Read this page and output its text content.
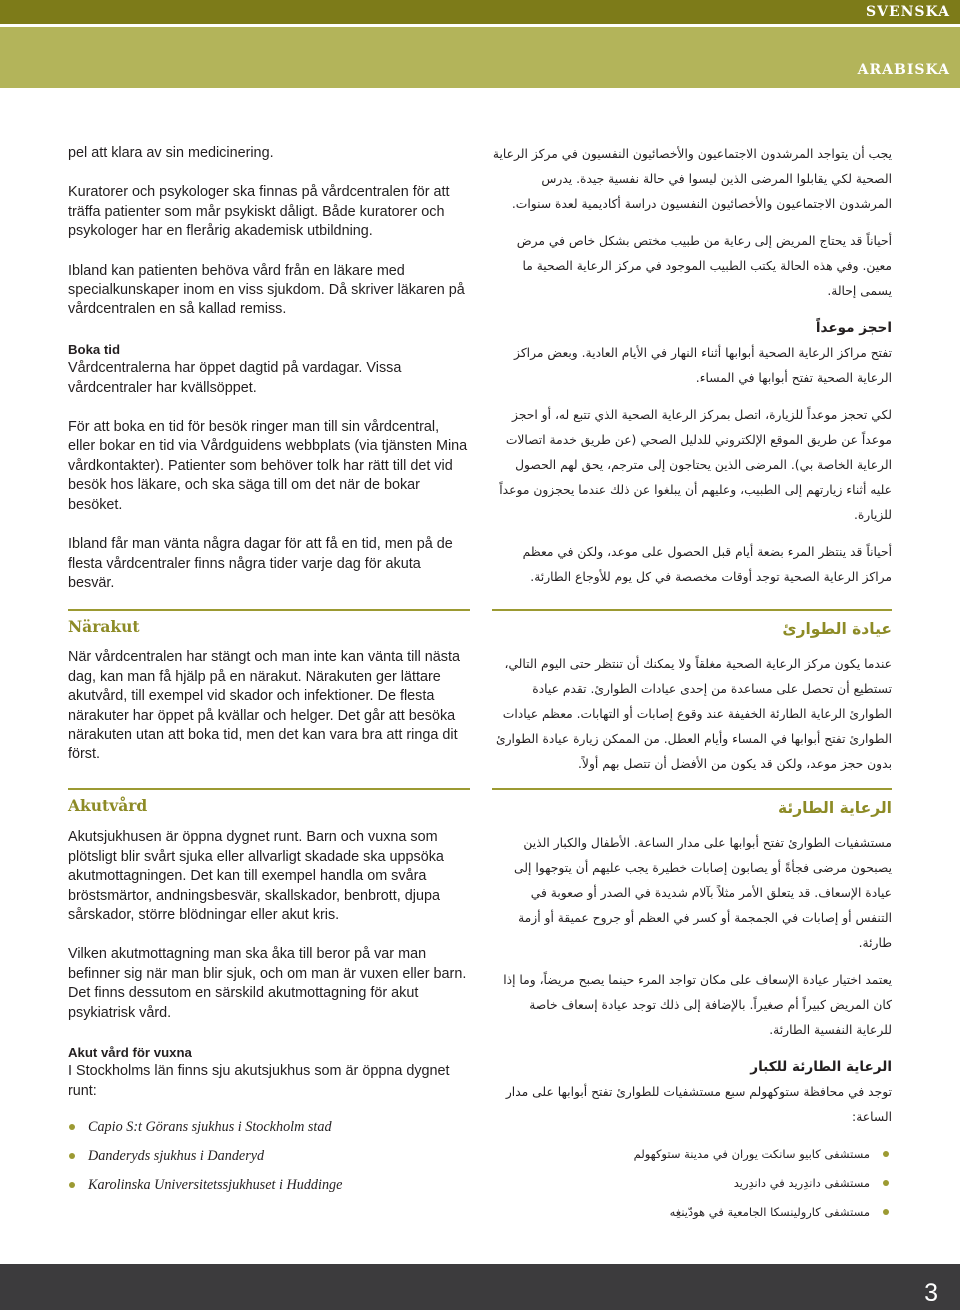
SVENSKA
ARABISKA

pel att klara av sin medicinering.

Kuratorer och psykologer ska finnas på vårdcentralen för att träffa patienter som mår psykiskt dåligt. Både kuratorer och psykologer har en flerårig akademisk utbildning.

Ibland kan patienten behöva vård från en läkare med specialkunskaper inom en viss sjukdom. Då skriver läkaren på vårdcentralen en så kallad remiss.

Boka tid

Vårdcentralerna har öppet dagtid på vardagar. Vissa vårdcentraler har kvällsöppet.

För att boka en tid för besök ringer man till sin vårdcentral, eller bokar en tid via Vårdguidens webbplats (via tjänsten Mina vårdkontakter). Patienter som behöver tolk har rätt till det vid besök hos läkare, och ska säga till om det när de bokar besöket.

Ibland får man vänta några dagar för att få en tid, men på de flesta vårdcentraler finns några tider varje dag för akuta besvär.

يجب أن يتواجد المرشدون الاجتماعيون والأخصائيون النفسيون في مركز الرعاية الصحية لكي يقابلوا المرضى الذين ليسوا في حالة نفسية جيدة. يدرس المرشدون الاجتماعيون والأخصائيون النفسيون دراسة أكاديمية لعدة سنوات.

أحياناً قد يحتاج المريض إلى رعاية من طبيب مختص بشكل خاص في مرض معين. وفي هذه الحالة يكتب الطبيب الموجود في مركز الرعاية الصحية ما يسمى إحالة.

احجز موعداً

تفتح مراكز الرعاية الصحية أبوابها أثناء النهار في الأيام العادية. وبعض مراكز الرعاية الصحية تفتح أبوابها في المساء.

لكي تحجز موعداً للزيارة، اتصل بمركز الرعاية الصحية الذي تتبع له، أو احجز موعداً عن طريق الموقع الإلكتروني للدليل الصحي (عن طريق خدمة اتصالات الرعاية الخاصة بي). المرضى الذين يحتاجون إلى مترجم، يحق لهم الحصول عليه أثناء زيارتهم إلى الطبيب، وعليهم أن يبلغوا عن ذلك عندما يحجزون موعداً للزيارة.

أحياناً قد ينتظر المرء بضعة أيام قبل الحصول على موعد، ولكن في معظم مراكز الرعاية الصحية توجد أوقات مخصصة في كل يوم للأوجاع الطارئة.

Närakut

När vårdcentralen har stängt och man inte kan vänta till nästa dag, kan man få hjälp på en närakut. Närakuten ger lättare akutvård, till exempel vid skador och infektioner. De flesta närakuter har öppet på kvällar och helger. Det går att besöka närakuten utan att boka tid, men det kan vara bra att ringa dit först.

عيادة الطوارئ

عندما يكون مركز الرعاية الصحية مغلقاً ولا يمكنك أن تنتظر حتى اليوم التالي، تستطيع أن تحصل على مساعدة من إحدى عيادات الطوارئ. تقدم عيادة الطوارئ الرعاية الطارئة الخفيفة عند وقوع إصابات أو التهابات. معظم عيادات الطوارئ تفتح أبوابها في المساء وأيام العطل. من الممكن زيارة عيادة الطوارئ بدون حجز موعد، ولكن قد يكون من الأفضل أن تتصل بهم أولاً.

Akutvård

Akutsjukhusen är öppna dygnet runt. Barn och vuxna som plötsligt blir svårt sjuka eller allvarligt skadade ska uppsöka akutmottagningen. Det kan till exempel handla om svåra bröstsmärtor, andningsbesvär, skallskador, benbrott, djupa sårskador, större blödningar eller akut kris.

Vilken akutmottagning man ska åka till beror på var man befinner sig när man blir sjuk, och om man är vuxen eller barn. Det finns dessutom en särskild akutmottagning för akut psykiatrisk vård.

Akut vård för vuxna

I Stockholms län finns sju akutsjukhus som är öppna dygnet runt:

Capio S:t Görans sjukhus i Stockholm stad
Danderyds sjukhus i Danderyd
Karolinska Universitetssjukhuset i Huddinge

الرعاية الطارئة

مستشفيات الطوارئ تفتح أبوابها على مدار الساعة. الأطفال والكبار الذين يصبحون مرضى فجأةً أو يصابون إصابات خطيرة يجب عليهم أن يتوجهوا إلى عيادة الإسعاف. قد يتعلق الأمر مثلاً بآلام شديدة في الصدر أو صعوبة في التنفس أو إصابات في الجمجمة أو كسر في العظم أو جروح عميقة أو أزمة طارئة.

يعتمد اختيار عيادة الإسعاف على مكان تواجد المرء حينما يصبح مريضاً، وما إذا كان المريض كبيراً أم صغيراً. بالإضافة إلى ذلك توجد عيادة إسعاف خاصة للرعاية النفسية الطارئة.

الرعاية الطارئة للكبار

توجد في محافظة ستوكهولم سبع مستشفيات للطوارئ تفتح أبوابها على مدار الساعة:

مستشفى كابيو سانكت يوران في مدينة ستوكهولم
مستشفى داندِريد في داندِريد
مستشفى كارولينسكا الجامعية في هودّينغِه
3
